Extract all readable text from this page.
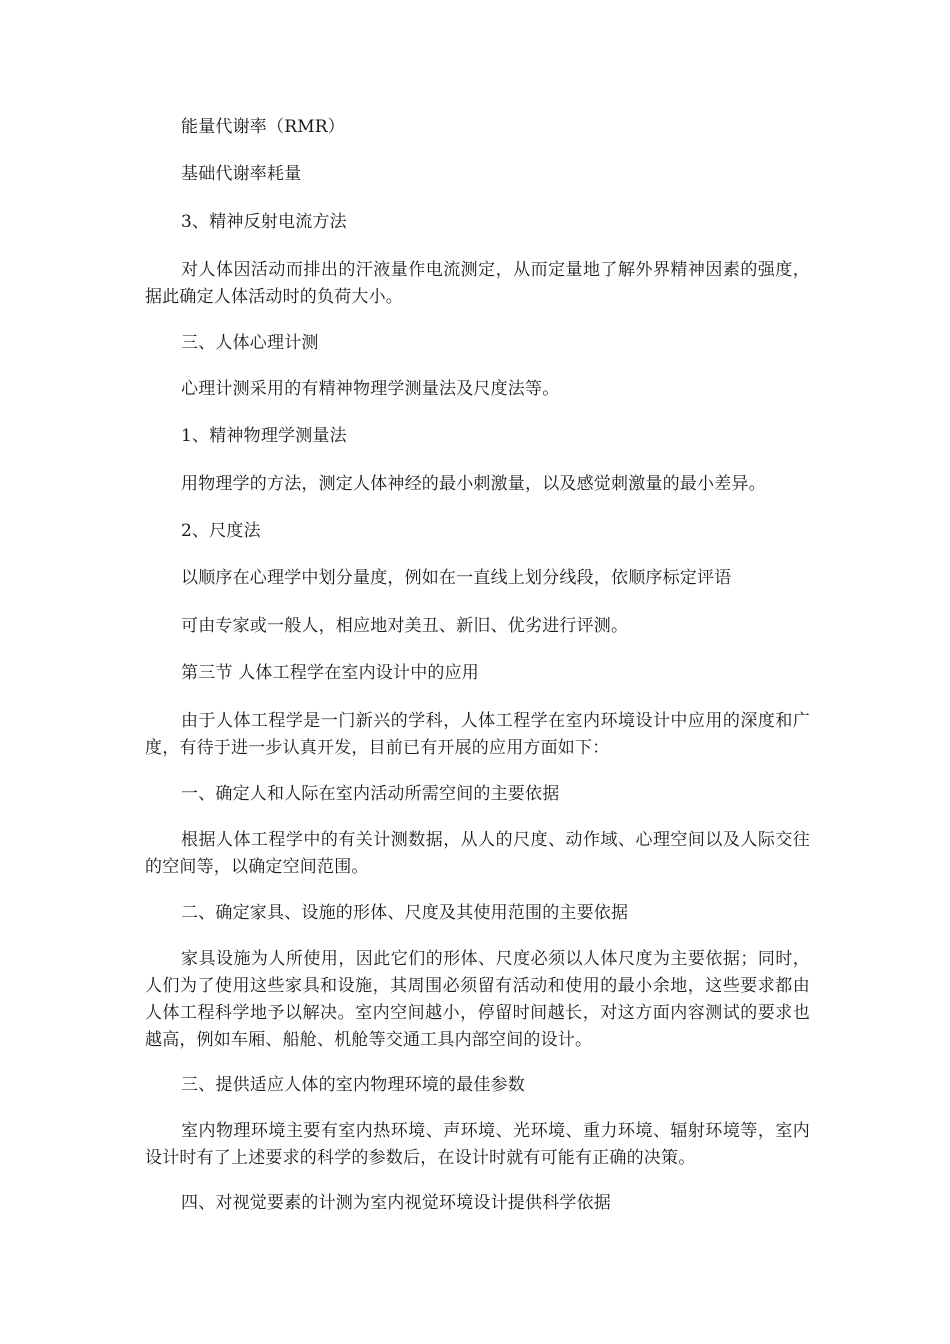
能量代谢率（RMR）
基础代谢率耗量
3、精神反射电流方法
对人体因活动而排出的汗液量作电流测定，从而定量地了解外界精神因素的强度，据此确定人体活动时的负荷大小。
三、人体心理计测
心理计测采用的有精神物理学测量法及尺度法等。
1、精神物理学测量法
用物理学的方法，测定人体神经的最小刺激量，以及感觉刺激量的最小差异。
2、尺度法
以顺序在心理学中划分量度，例如在一直线上划分线段，依顺序标定评语
可由专家或一般人，相应地对美丑、新旧、优劣进行评测。
第三节 人体工程学在室内设计中的应用
由于人体工程学是一门新兴的学科，人体工程学在室内环境设计中应用的深度和广度，有待于进一步认真开发，目前已有开展的应用方面如下：
一、确定人和人际在室内活动所需空间的主要依据
根据人体工程学中的有关计测数据，从人的尺度、动作域、心理空间以及人际交往的空间等，以确定空间范围。
二、确定家具、设施的形体、尺度及其使用范围的主要依据
家具设施为人所使用，因此它们的形体、尺度必须以人体尺度为主要依据；同时，人们为了使用这些家具和设施，其周围必须留有活动和使用的最小余地，这些要求都由人体工程科学地予以解决。室内空间越小，停留时间越长，对这方面内容测试的要求也越高，例如车厢、船舱、机舱等交通工具内部空间的设计。
三、提供适应人体的室内物理环境的最佳参数
室内物理环境主要有室内热环境、声环境、光环境、重力环境、辐射环境等，室内设计时有了上述要求的科学的参数后，在设计时就有可能有正确的决策。
四、对视觉要素的计测为室内视觉环境设计提供科学依据
